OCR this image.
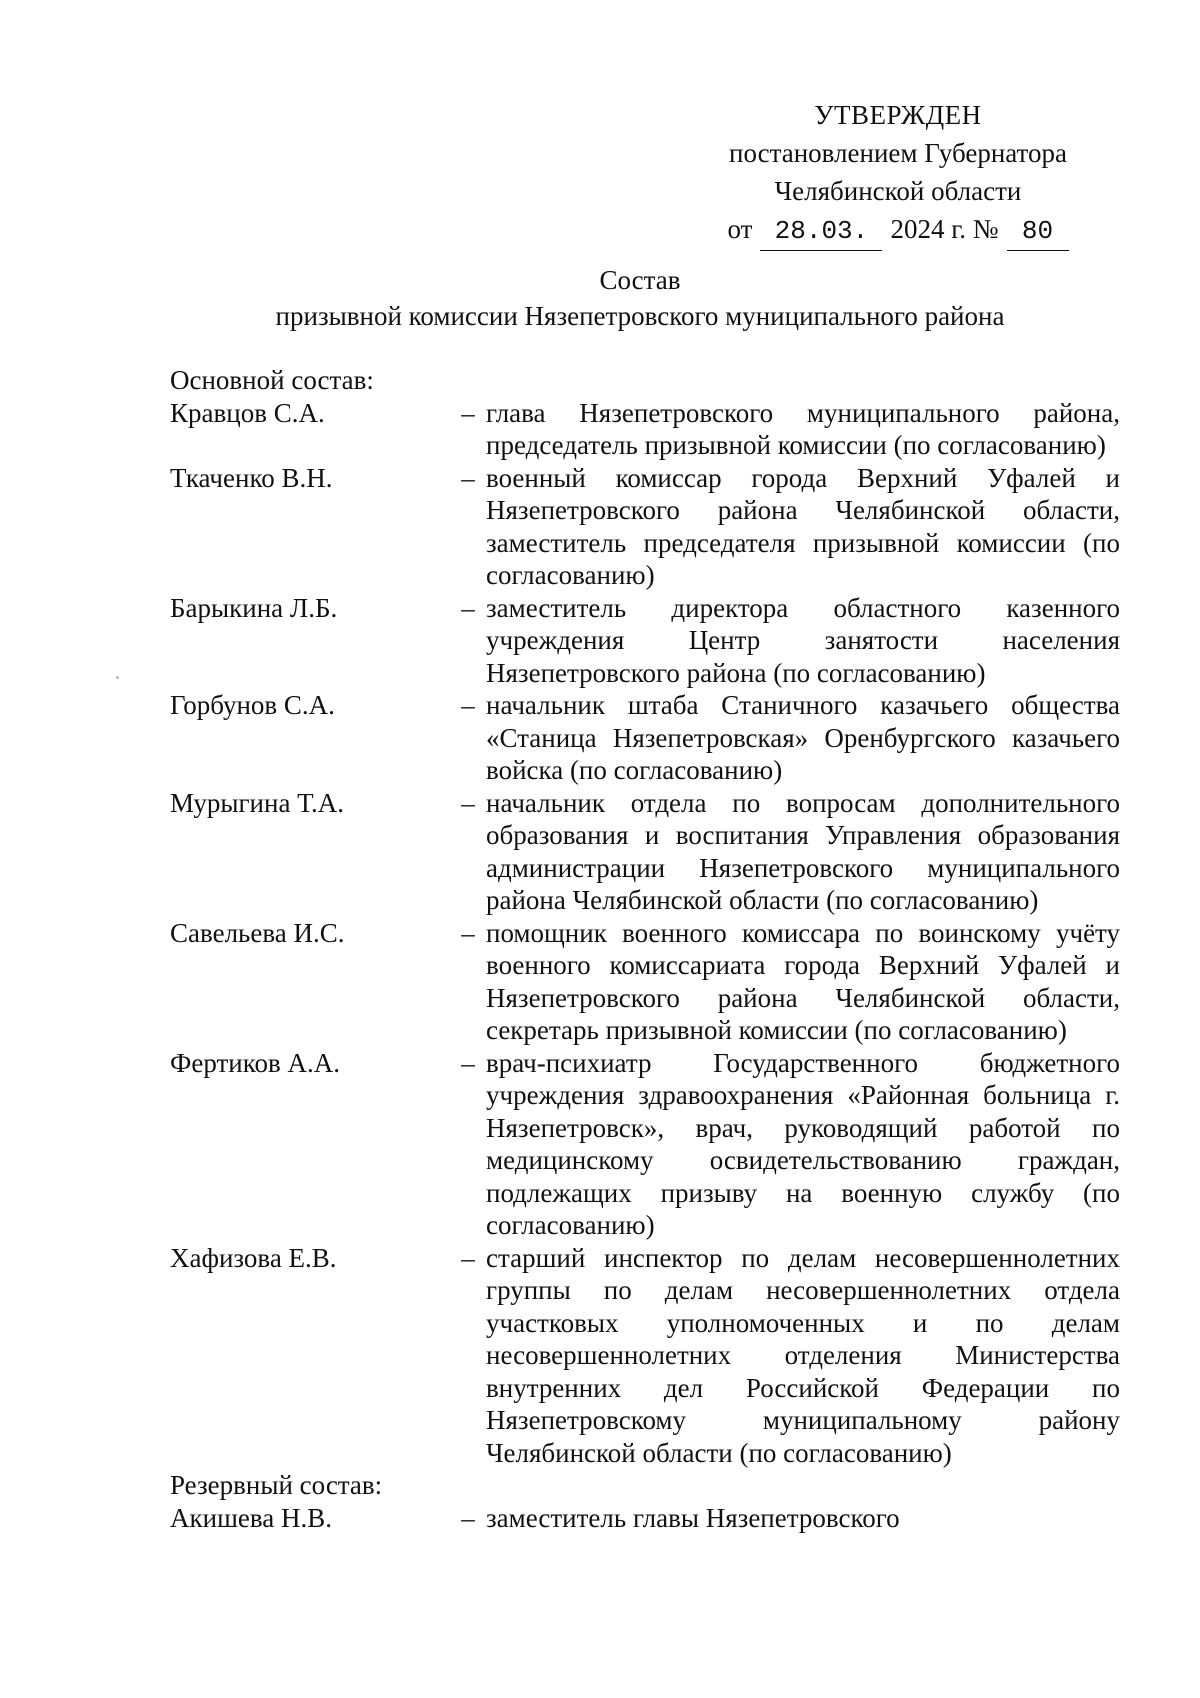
УТВЕРЖДЕН
постановлением Губернатора
Челябинской области
от 28.03. 2024 г. № 80
Состав
призывной комиссии Нязепетровского муниципального района

Основной состав:

Кравцов С.А.	– глава Нязепетровского муниципального района, председатель призывной комиссии (по согласованию)
Ткаченко В.Н.	– военный комиссар города Верхний Уфалей и Нязепетровского района Челябинской области, заместитель председателя призывной комиссии (по согласованию)
Барыкина Л.Б.	– заместитель директора областного казенного учреждения Центр занятости населения Нязепетровского района (по согласованию)
Горбунов С.А.	– начальник штаба Станичного казачьего общества «Станица Нязепетровская» Оренбургского казачьего войска (по согласованию)
Мурыгина Т.А.	– начальник отдела по вопросам дополнительного образования и воспитания Управления образования администрации Нязепетровского муниципального района Челябинской области (по согласованию)
Савельева И.С.	– помощник военного комиссара по воинскому учёту военного комиссариата города Верхний Уфалей и Нязепетровского района Челябинской области, секретарь призывной комиссии (по согласованию)
Фертиков А.А.	– врач-психиатр Государственного бюджетного учреждения здравоохранения «Районная больница г. Нязепетровск», врач, руководящий работой по медицинскому освидетельствованию граждан, подлежащих призыву на военную службу (по согласованию)
Хафизова Е.В.	– старший инспектор по делам несовершеннолетних группы по делам несовершеннолетних отдела участковых уполномоченных и по делам несовершеннолетних отделения Министерства внутренних дел Российской Федерации по Нязепетровскому муниципальному району Челябинской области (по согласованию)

Резервный состав:

Акишева Н.В.	– заместитель главы Нязепетровского
